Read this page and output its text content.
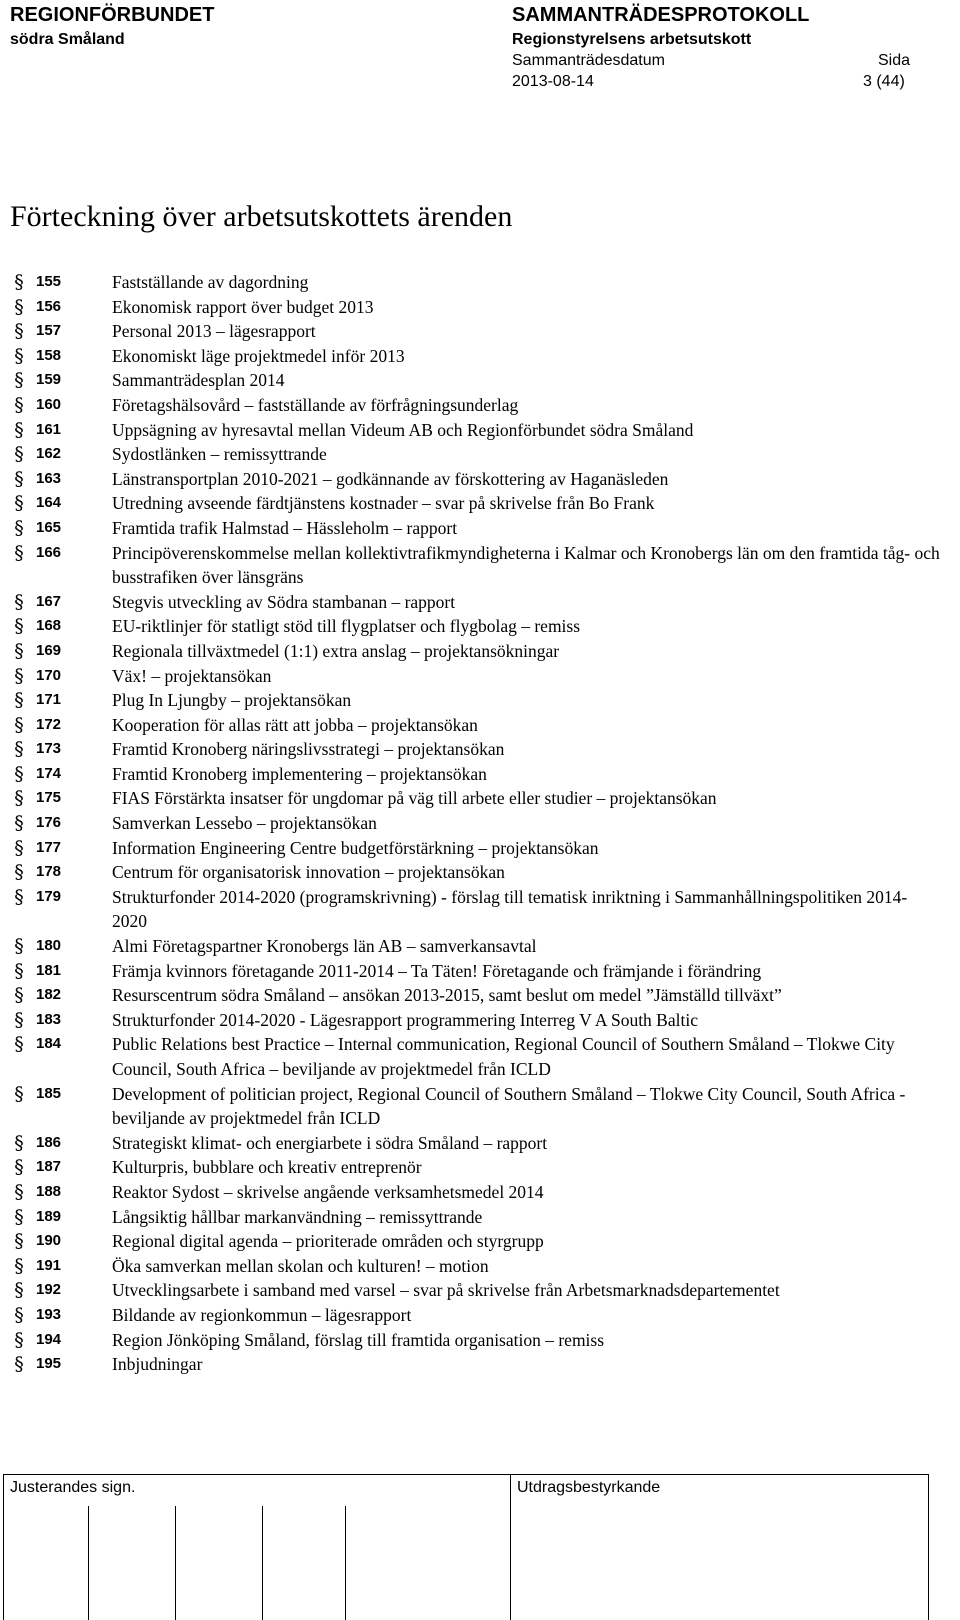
REGIONFÖRBUNDET
södra Småland
SAMMANTRÄDESPROTOKOLL
Regionstyrelsens arbetsutskott
Sammanträdesdatum	Sida
2013-08-14	3 (44)
Förteckning över arbetsutskottets ärenden
§ 155	Fastställande av dagordning
§ 156	Ekonomisk rapport över budget 2013
§ 157	Personal 2013 – lägesrapport
§ 158	Ekonomiskt läge projektmedel inför 2013
§ 159	Sammanträdesplan 2014
§ 160	Företagshälsovård – fastställande av förfrågningsunderlag
§ 161	Uppsägning av hyresavtal mellan Videum AB och Regionförbundet södra Småland
§ 162	Sydostlänken – remissyttrande
§ 163	Länstransportplan 2010-2021 – godkännande av förskottering av Haganäsleden
§ 164	Utredning avseende färdtjänstens kostnader – svar på skrivelse från Bo Frank
§ 165	Framtida trafik Halmstad – Hässleholm – rapport
§ 166	Principöverenskommelse mellan kollektivtrafikmyndigheterna i Kalmar och Kronobergs län om den framtida tåg- och busstrafiken över länsgräns
§ 167	Stegvis utveckling av Södra stambanan – rapport
§ 168	EU-riktlinjer för statligt stöd till flygplatser och flygbolag – remiss
§ 169	Regionala tillväxtmedel (1:1) extra anslag – projektansökningar
§ 170	Väx! – projektansökan
§ 171	Plug In Ljungby – projektansökan
§ 172	Kooperation för allas rätt att jobba – projektansökan
§ 173	Framtid Kronoberg näringslivsstrategi – projektansökan
§ 174	Framtid Kronoberg implementering – projektansökan
§ 175	FIAS Förstärkta insatser för ungdomar på väg till arbete eller studier – projektansökan
§ 176	Samverkan Lessebo – projektansökan
§ 177	Information Engineering Centre budgetförstärkning – projektansökan
§ 178	Centrum för organisatorisk innovation – projektansökan
§ 179	Strukturfonder 2014-2020 (programskrivning) - förslag till tematisk inriktning i Sammanhållningspolitiken 2014-2020
§ 180	Almi Företagspartner Kronobergs län AB – samverkansavtal
§ 181	Främja kvinnors företagande 2011-2014 – Ta Täten! Företagande och främjande i förändring
§ 182	Resurscentrum södra Småland – ansökan 2013-2015, samt beslut om medel ”Jämställd tillväxt”
§ 183	Strukturfonder 2014-2020 - Lägesrapport programmering Interreg V A South Baltic
§ 184	Public Relations best Practice – Internal communication, Regional Council of Southern Småland – Tlokwe City Council, South Africa – beviljande av projektmedel från ICLD
§ 185	Development of politician project, Regional Council of Southern Småland – Tlokwe City Council, South Africa - beviljande av projektmedel från ICLD
§ 186	Strategiskt klimat- och energiarbete i södra Småland – rapport
§ 187	Kulturpris, bubblare och kreativ entreprenör
§ 188	Reaktor Sydost – skrivelse angående verksamhetsmedel 2014
§ 189	Långsiktig hållbar markanvändning – remissyttrande
§ 190	Regional digital agenda – prioriterade områden och styrgrupp
§ 191	Öka samverkan mellan skolan och kulturen! – motion
§ 192	Utvecklingsarbete i samband med varsel – svar på skrivelse från Arbetsmarknadsdepartementet
§ 193	Bildande av regionkommun – lägesrapport
§ 194	Region Jönköping Småland, förslag till framtida organisation – remiss
§ 195	Inbjudningar
Justerandes sign.	Utdragsbestyrkande
